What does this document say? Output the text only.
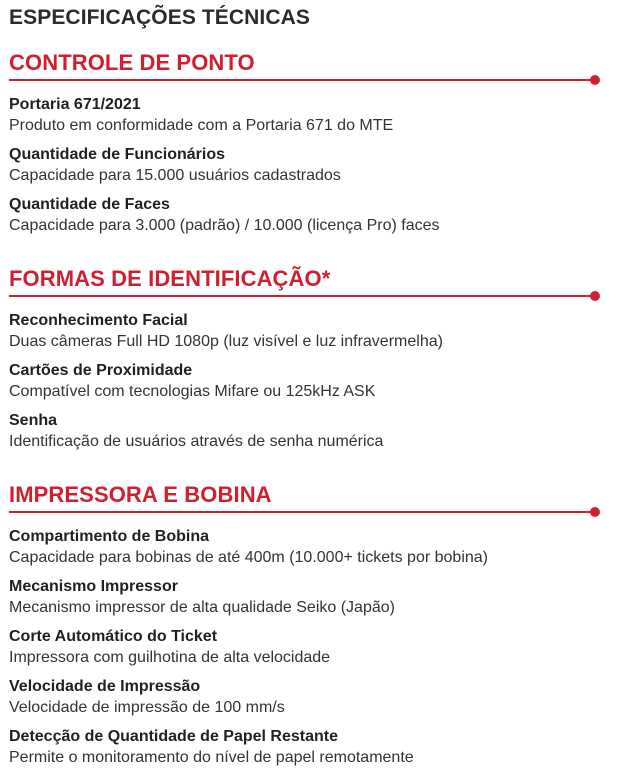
ESPECIFICAÇÕES TÉCNICAS
CONTROLE DE PONTO
Portaria 671/2021
Produto em conformidade com a Portaria 671 do MTE
Quantidade de Funcionários
Capacidade para 15.000 usuários cadastrados
Quantidade de Faces
Capacidade para 3.000 (padrão) / 10.000 (licença Pro) faces
FORMAS DE IDENTIFICAÇÃO*
Reconhecimento Facial
Duas câmeras Full HD 1080p (luz visível e luz infravermelha)
Cartões de Proximidade
Compatível com tecnologias Mifare ou 125kHz ASK
Senha
Identificação de usuários através de senha numérica
IMPRESSORA E BOBINA
Compartimento de Bobina
Capacidade para bobinas de até 400m (10.000+ tickets por bobina)
Mecanismo Impressor
Mecanismo impressor de alta qualidade Seiko (Japão)
Corte Automático do Ticket
Impressora com guilhotina de alta velocidade
Velocidade de Impressão
Velocidade de impressão de 100 mm/s
Detecção de Quantidade de Papel Restante
Permite o monitoramento do nível de papel remotamente
